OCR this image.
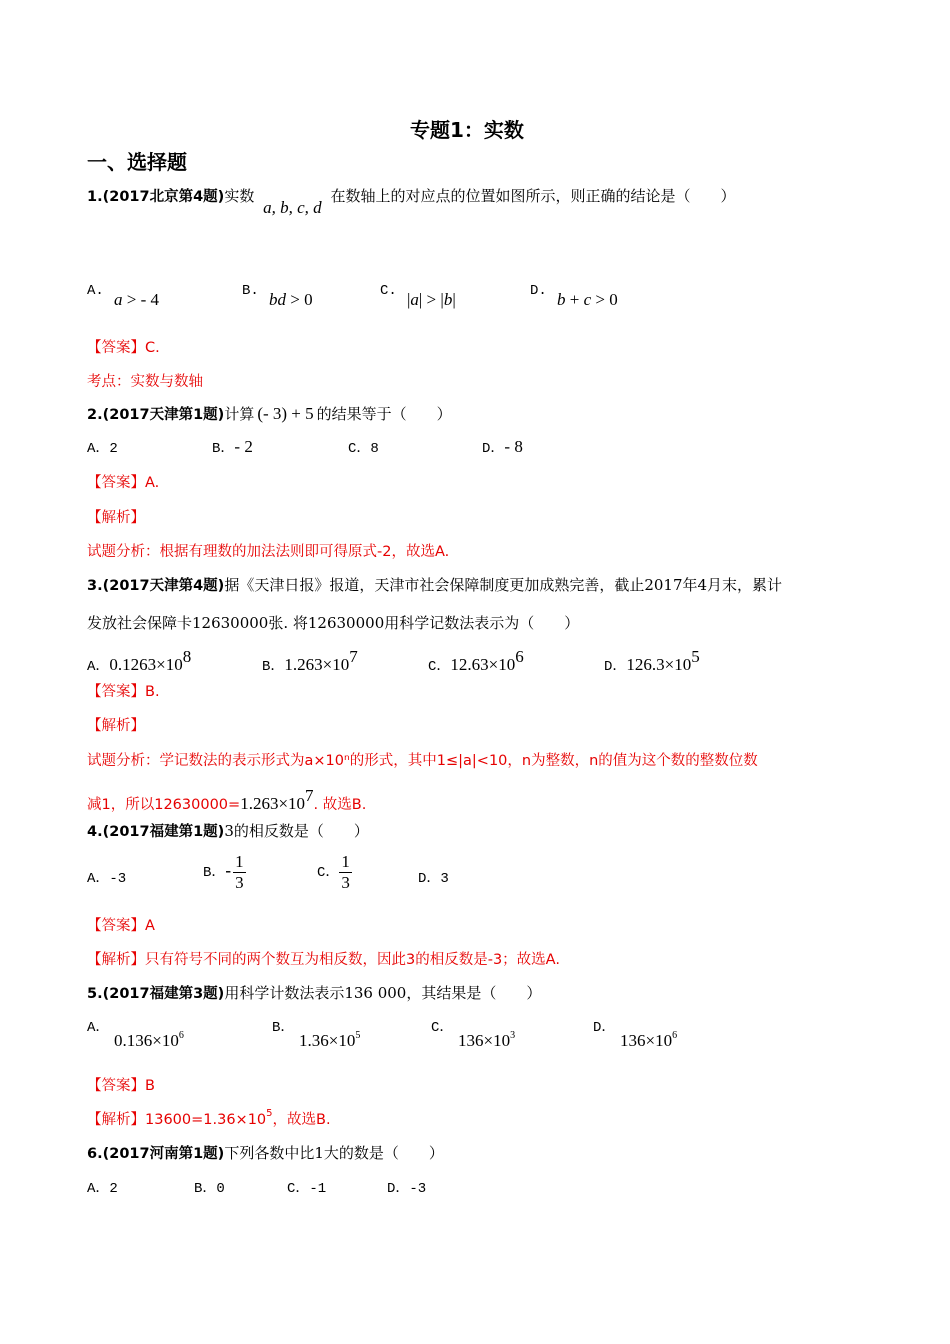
专题1：实数
一、选择题
1.(2017北京第4题)实数 a, b, c, d 在数轴上的对应点的位置如图所示，则正确的结论是（　　）
A. a > - 4	B. bd > 0	C. |a| > |b|	D. b + c > 0
【答案】C.
考点：实数与数轴
2.(2017天津第1题)计算 (- 3) + 5 的结果等于（　　）
A．2	B．- 2	C．8	D．- 8
【答案】A.
【解析】
试题分析：根据有理数的加法法则即可得原式-2，故选A.
3.(2017天津第4题)据《天津日报》报道，天津市社会保障制度更加成熟完善，截止2017年4月末，累计
发放社会保障卡12630000张. 将12630000用科学记数法表示为（　　）
A．$0.1263\times 10^8$
B．$1.263\times 10^7$
C．$12.63\times 10^6$
D．$126.3\times 10^5$
【答案】B.
【解析】
试题分析：学记数法的表示形式为a×10ⁿ的形式，其中1≤|a|<10，n为整数，n的值为这个数的整数位数
减1，所以$12630000=1.263\times 10^7$. 故选B.
4.(2017福建第1题)3的相反数是（　　）
A．-3	B．- $\frac{1}{3}$	C． $\frac{1}{3}$	D．3
【答案】A
【解析】只有符号不同的两个数互为相反数，因此3的相反数是-3；故选A.
5.(2017福建第3题)用科学计数法表示136 000，其结果是（　　）
A．
$0.136\times 10^6$	B．
$1.36\times 10^5$	C．
$136\times 10^3$	D．
$136\times 10^6$
【答案】B
【解析】$13600=1.36\times 10^5$，故选B.
6.(2017河南第1题)下列各数中比1大的数是（　　）
A．2	B．0	C．-1	D．-3
